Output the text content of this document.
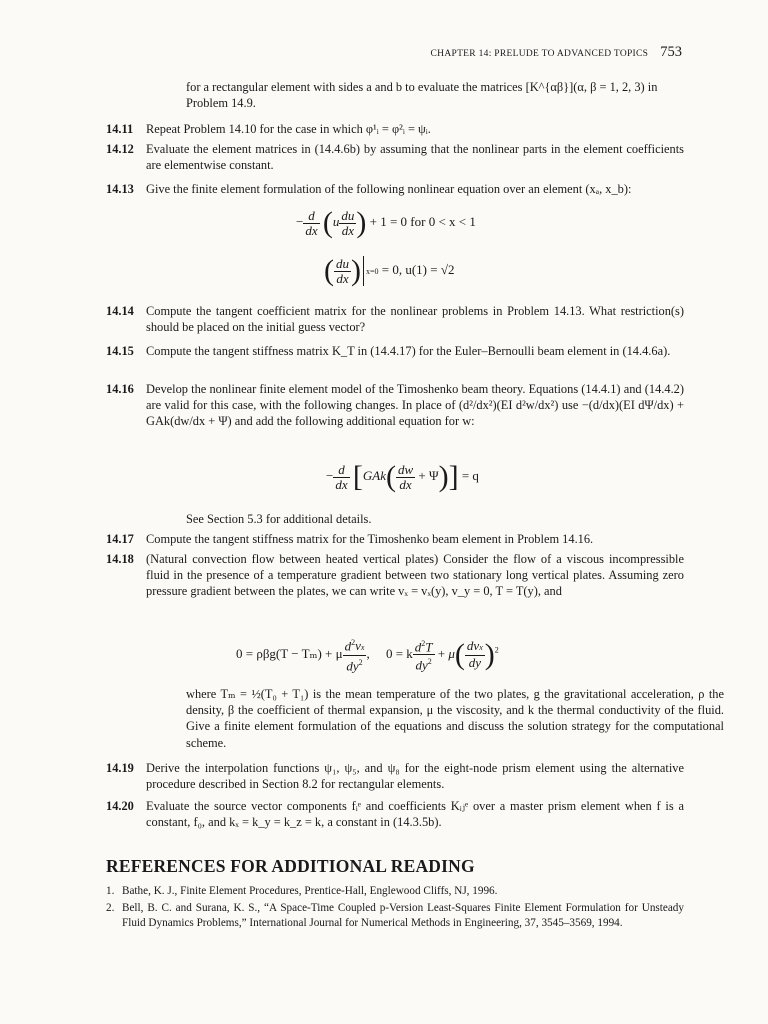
CHAPTER 14: PRELUDE TO ADVANCED TOPICS 753
for a rectangular element with sides a and b to evaluate the matrices [K^{αβ}](α, β = 1, 2, 3) in
Problem 14.9.
14.11	Repeat Problem 14.10 for the case in which φ¹ᵢ = φ²ᵢ = ψᵢ.
14.12 Evaluate the element matrices in (14.4.6b) by assuming that the nonlinear parts in the element coefficients are elementwise constant.
14.13 Give the finite element formulation of the following nonlinear equation over an element (xₐ, x_b):
− $\frac{d}{dx} (u \frac{du}{dx}$ ) + 1 = 0 for 0 < x < 1
( $\frac{du}{dx}$ ) x=0 = 0, u(1) = √2
14.14 Compute the tangent coefficient matrix for the nonlinear problems in Problem 14.13. What restriction(s) should be placed on the initial guess vector?
14.15 Compute the tangent stiffness matrix K_T in (14.4.17) for the Euler–Bernoulli beam element in (14.4.6a).
14.16 Develop the nonlinear finite element model of the Timoshenko beam theory. Equations (14.4.1) and (14.4.2) are valid for this case, with the following changes. In place of (d²/dx²)(EI d²w/dx²) use −(d/dx)(EI dΨ/dx) + GAk(dw/dx + Ψ) and add the following additional equation for w:
− $\frac{d}{dx} [GAk( \frac{dw}{dx} + \Psi)] = q$
See Section 5.3 for additional details.
14.17 Compute the tangent stiffness matrix for the Timoshenko beam element in Problem 14.16.
14.18 (Natural convection flow between heated vertical plates) Consider the flow of a viscous incompressible fluid in the presence of a temperature gradient between two stationary long vertical plates. Assuming zero pressure gradient between the plates, we can write vₓ = vₓ(y), v_y = 0, T = T(y), and
0 = ρβg(T − Tₘ) + μ $\frac{d^2vx}{dy^2}$ ,     0 = k $\frac{d^2T}{dy^2} + \mu( \frac{\text{dvx}}{dy} )^2$
where Tₘ = ½(T₀ + T₁) is the mean temperature of the two plates, g the gravitational acceleration, ρ the density, β the coefficient of thermal expansion, μ the viscosity, and k the thermal conductivity of the fluid. Give a finite element formulation of the equations and discuss the solution strategy for the computational scheme.
14.19 Derive the interpolation functions ψ₁, ψ₅, and ψ₈ for the eight-node prism element using the alternative procedure described in Section 8.2 for rectangular elements.
14.20 Evaluate the source vector components fᵢᵉ and coefficients Kᵢⱼᵉ over a master prism element when f is a constant, f₀, and kₓ = k_y = k_z = k, a constant in (14.3.5b).
REFERENCES FOR ADDITIONAL READING
1. Bathe, K. J., Finite Element Procedures, Prentice-Hall, Englewood Cliffs, NJ, 1996.
2. Bell, B. C. and Surana, K. S., “A Space-Time Coupled p-Version Least-Squares Finite Element Formulation for Unsteady Fluid Dynamics Problems,” International Journal for Numerical Methods in Engineering, 37, 3545–3569, 1994.
